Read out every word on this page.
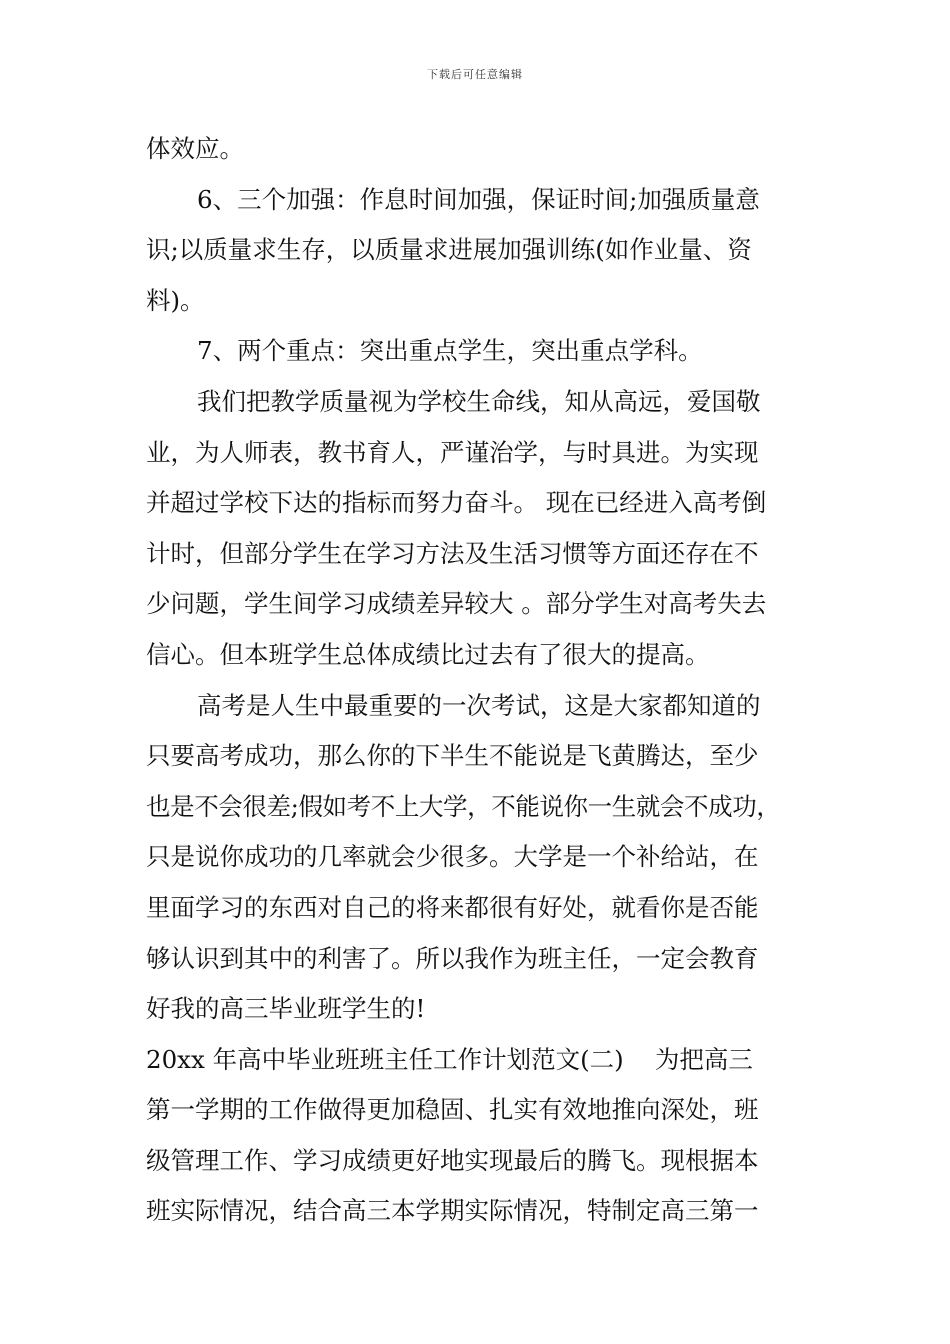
下载后可任意编辑
体效应。
6、三个加强：作息时间加强，保证时间;加强质量意
识;以质量求生存，以质量求进展加强训练(如作业量、资
料)。
7、两个重点：突出重点学生，突出重点学科。
我们把教学质量视为学校生命线，知从高远，爱国敬
业，为人师表，教书育人，严谨治学，与时具进。为实现
并超过学校下达的指标而努力奋斗。 现在已经进入高考倒
计时，但部分学生在学习方法及生活习惯等方面还存在不
少问题，学生间学习成绩差异较大 。部分学生对高考失去
信心。但本班学生总体成绩比过去有了很大的提高。
高考是人生中最重要的一次考试，这是大家都知道的
只要高考成功，那么你的下半生不能说是飞黄腾达，至少
也是不会很差;假如考不上大学，不能说你一生就会不成功，
只是说你成功的几率就会少很多。大学是一个补给站，在
里面学习的东西对自己的将来都很有好处，就看你是否能
够认识到其中的利害了。所以我作为班主任，一定会教育
好我的高三毕业班学生的!
20xx 年高中毕业班班主任工作计划范文(二)    为把高三
第一学期的工作做得更加稳固、扎实有效地推向深处，班
级管理工作、学习成绩更好地实现最后的腾飞。现根据本
班实际情况，结合高三本学期实际情况，特制定高三第一
